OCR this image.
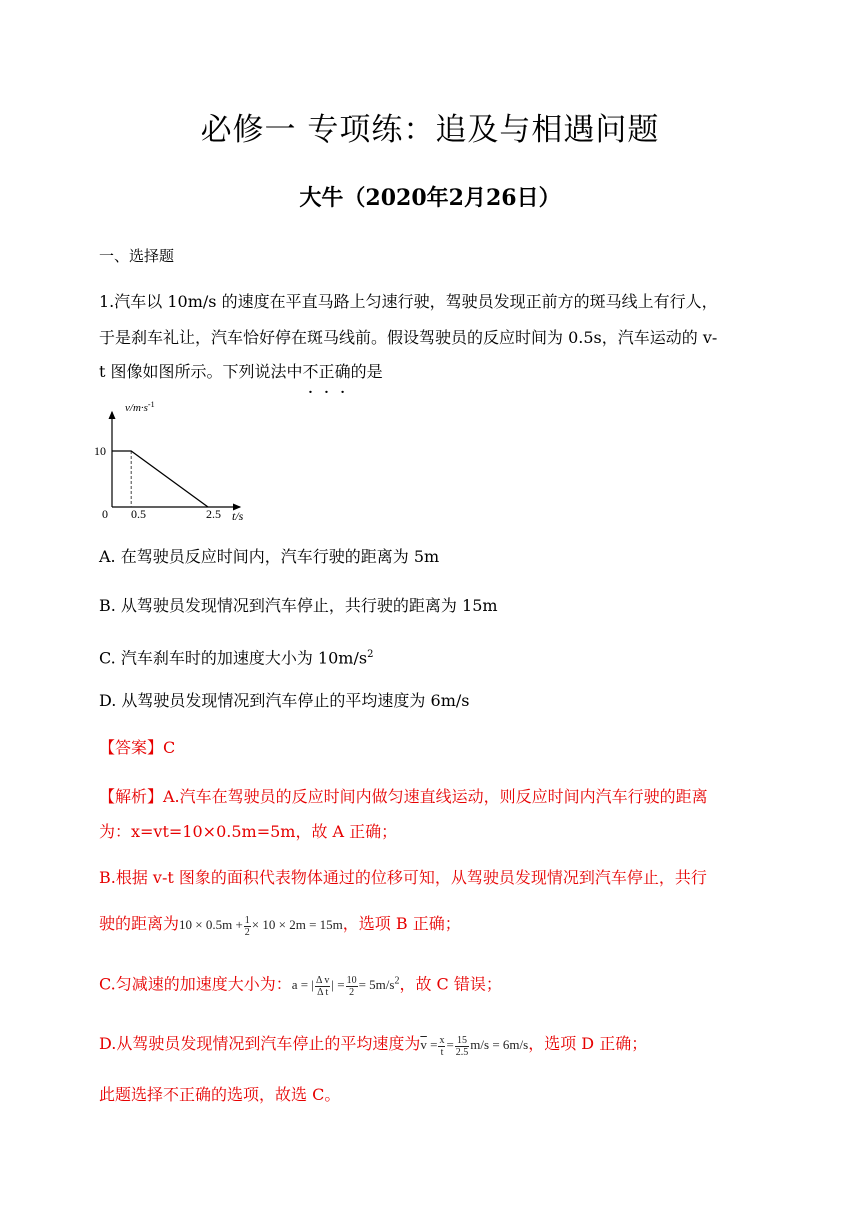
必修一 专项练：追及与相遇问题
大牛（2020年2月26日）
一、选择题
1.汽车以 10m/s 的速度在平直马路上匀速行驶，驾驶员发现正前方的斑马线上有行人，
于是刹车礼让，汽车恰好停在斑马线前。假设驾驶员的反应时间为 0.5s，汽车运动的 v-
t 图像如图所示。下列说法中不正确的是
$v/m\cdot s^{-1}$
10
0 0.5	2.5 t/s
A. 在驾驶员反应时间内，汽车行驶的距离为 5m
B. 从驾驶员发现情况到汽车停止，共行驶的距离为 15m
C. 汽车刹车时的加速度大小为 $10m/s^2$
D. 从驾驶员发现情况到汽车停止的平均速度为 6m/s
【答案】C
【解析】A.汽车在驾驶员的反应时间内做匀速直线运动，则反应时间内汽车行驶的距离
为：x=vt=10×0.5m=5m，故 A 正确；
B.根据 v-t 图象的面积代表物体通过的位移可知，从驾驶员发现情况到汽车停止，共行
驶的距离为$10 \times 0.5m + \frac{1}{2} \times 10 \times 2m = 15m$，选项 B 正确；
C.匀减速的加速度大小为：a = | $\frac{\text{Δ v}}{\text{Δ t}}$ | = $\frac{10}{2} = 5m/s^2$，故 C 错误；
D.从驾驶员发现情况到汽车停止的平均速度为$\overline{v} = \frac{x}{t} = \frac{15}{2.5} m/s = 6m/s$，选项 D 正确；
此题选择不正确的选项，故选 C。
